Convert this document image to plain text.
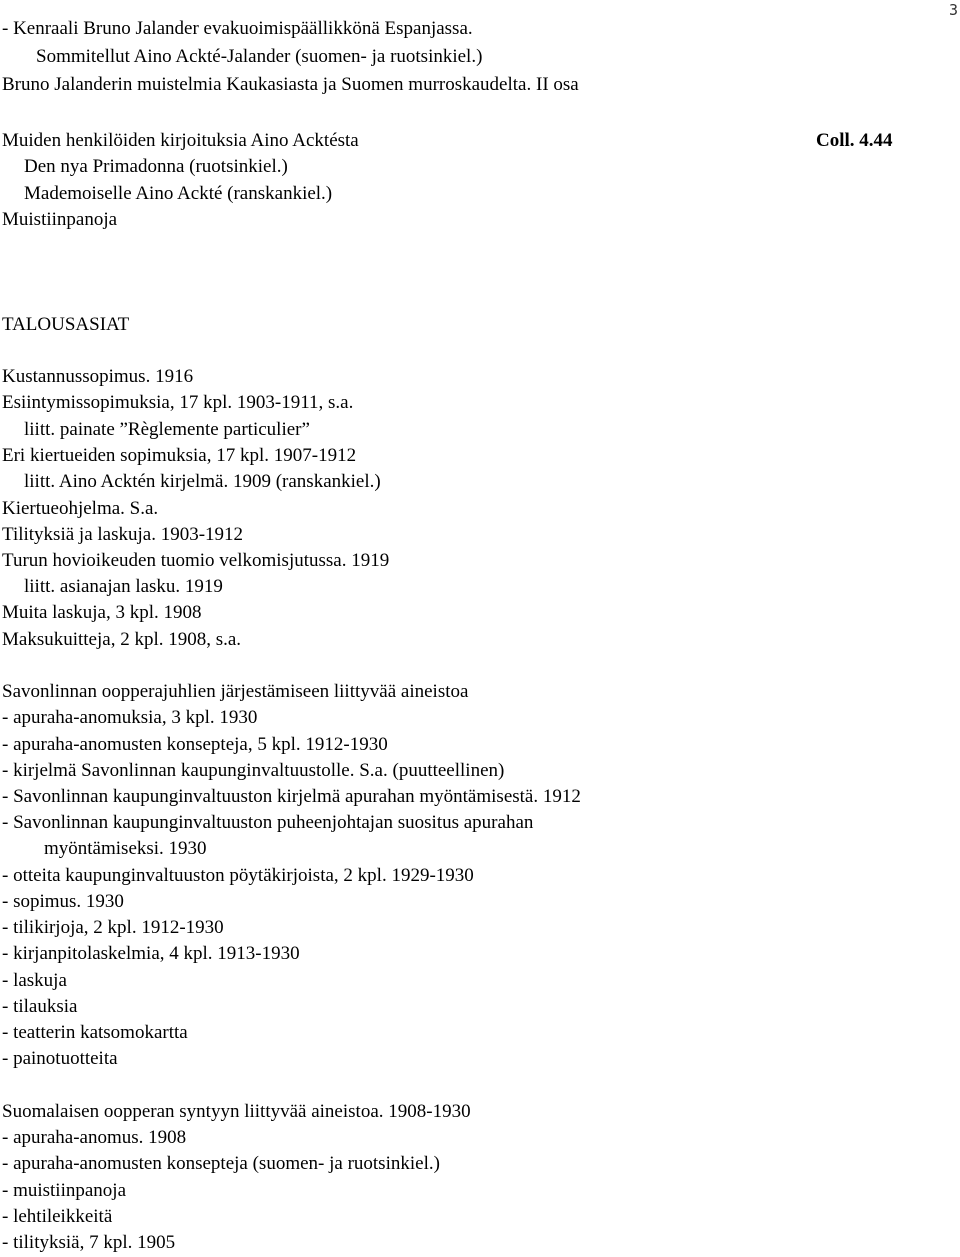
3
- Kenraali Bruno Jalander evakuoimispäällikkönä Espanjassa.
Sommitellut Aino Ackté-Jalander (suomen- ja ruotsinkiel.)
Bruno Jalanderin muistelmia Kaukasiasta ja Suomen murroskaudelta. II osa
Muiden henkilöiden kirjoituksia Aino Acktésta	Coll. 4.44
Den nya Primadonna (ruotsinkiel.)
Mademoiselle Aino Ackté (ranskankiel.)
Muistiinpanoja
TALOUSASIAT
Kustannussopimus. 1916
Esiintymissopimuksia, 17 kpl. 1903-1911, s.a.
liitt. painate ”Règlemente particulier”
Eri kiertueiden sopimuksia, 17 kpl. 1907-1912
liitt. Aino Acktén kirjelmä. 1909 (ranskankiel.)
Kiertueohjelma. S.a.
Tilityksiä ja laskuja. 1903-1912
Turun hovioikeuden tuomio velkomisjutussa. 1919
liitt. asianajan lasku. 1919
Muita laskuja, 3 kpl. 1908
Maksukuitteja, 2 kpl. 1908, s.a.
Savonlinnan oopperajuhlien järjestämiseen liittyvää aineistoa
- apuraha-anomuksia, 3 kpl. 1930
- apuraha-anomusten konsepteja, 5 kpl. 1912-1930
- kirjelmä Savonlinnan kaupunginvaltuustolle. S.a. (puutteellinen)
- Savonlinnan kaupunginvaltuuston kirjelmä apurahan myöntämisestä. 1912
- Savonlinnan kaupunginvaltuuston puheenjohtajan suositus apurahan
myöntämiseksi. 1930
- otteita kaupunginvaltuuston pöytäkirjoista, 2 kpl. 1929-1930
- sopimus. 1930
- tilikirjoja, 2 kpl. 1912-1930
- kirjanpitolaskelmia, 4 kpl. 1913-1930
- laskuja
- tilauksia
- teatterin katsomokartta
- painotuotteita
Suomalaisen oopperan syntyyn liittyvää aineistoa. 1908-1930
- apuraha-anomus. 1908
- apuraha-anomusten konsepteja (suomen- ja ruotsinkiel.)
- muistiinpanoja
- lehtileikkeitä
- tilityksiä, 7 kpl. 1905
